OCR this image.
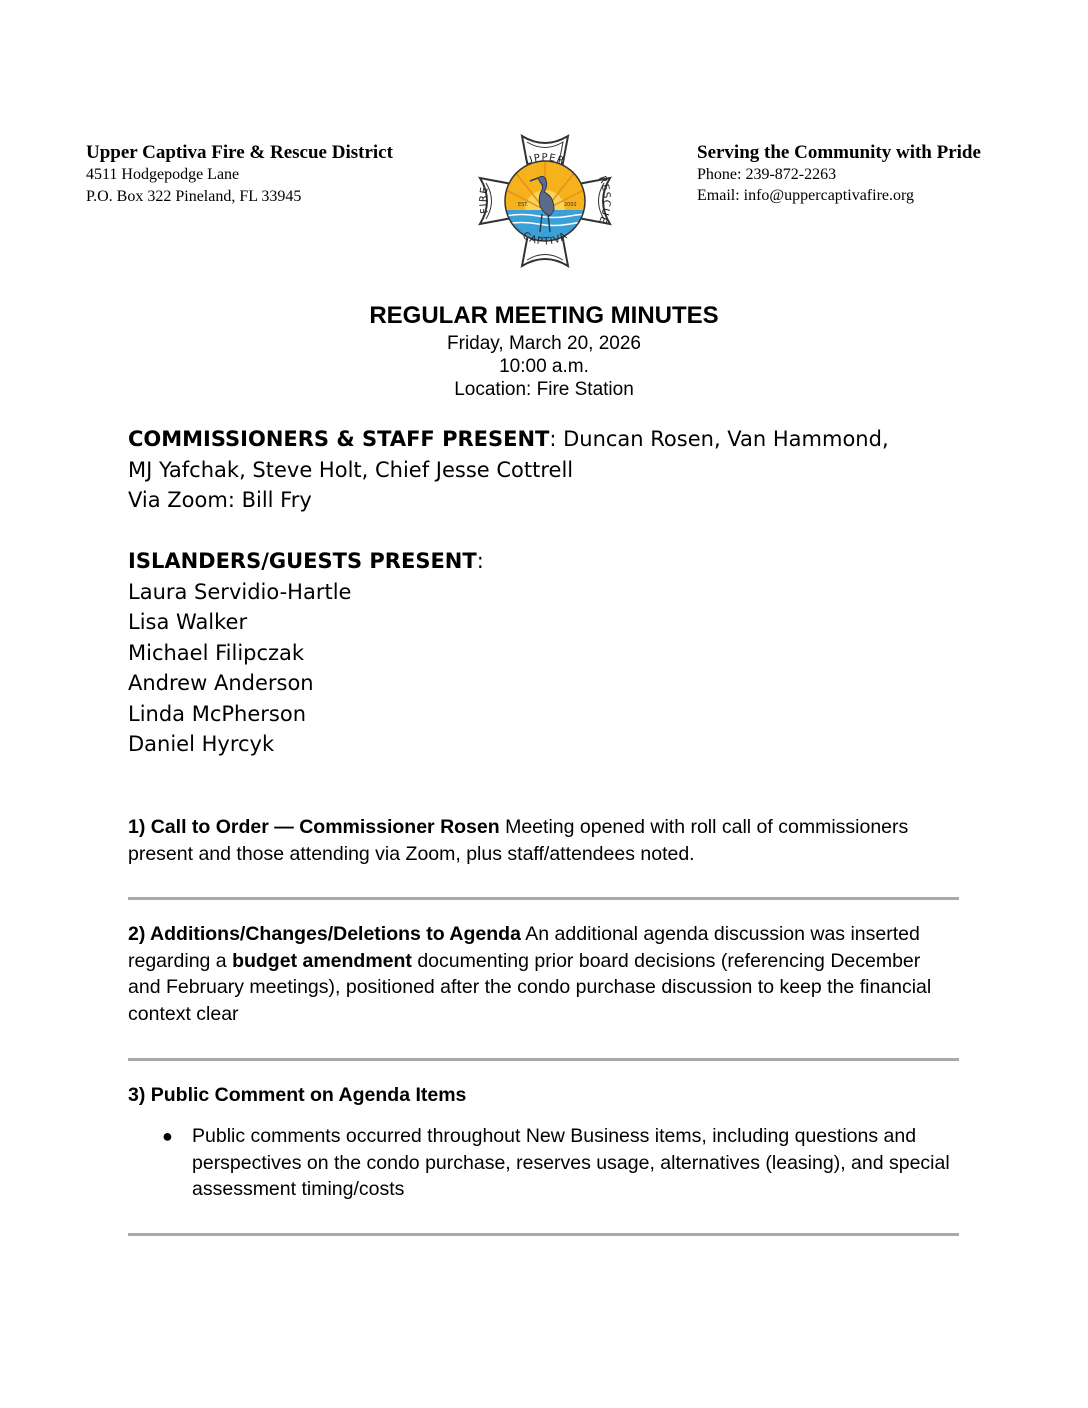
Upper Captiva Fire & Rescue District
4511 Hodgepodge Lane
P.O. Box 322 Pineland, FL 33945	EST.	2002
UPPER
CAPTIVA
FIRE
RESCUE
Serving the Community with Pride
Phone: 239-872-2263
Email: info@uppercaptivafire.org
REGULAR MEETING MINUTES
Friday, March 20, 2026
10:00 a.m.
Location: Fire Station
COMMISSIONERS & STAFF PRESENT: Duncan Rosen, Van Hammond,
MJ Yafchak, Steve Holt, Chief Jesse Cottrell
Via Zoom: Bill Fry
ISLANDERS/GUESTS PRESENT:
Laura Servidio-Hartle
Lisa Walker
Michael Filipczak
Andrew Anderson
Linda McPherson
Daniel Hyrcyk
1) Call to Order — Commissioner Rosen Meeting opened with roll call of commissioners present and those attending via Zoom, plus staff/attendees noted.
2) Additions/Changes/Deletions to Agenda An additional agenda discussion was inserted regarding a budget amendment documenting prior board decisions (referencing December and February meetings), positioned after the condo purchase discussion to keep the financial context clear
3) Public Comment on Agenda Items
● Public comments occurred throughout New Business items, including questions and perspectives on the condo purchase, reserves usage, alternatives (leasing), and special assessment timing/costs
